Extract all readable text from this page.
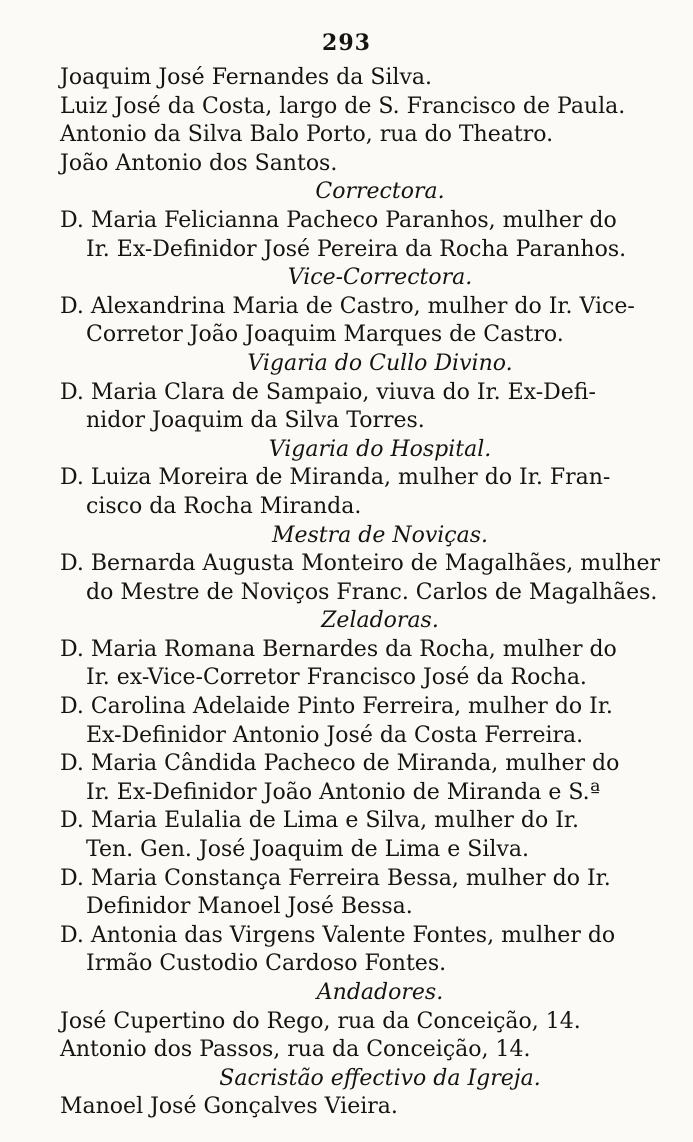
293
Joaquim José Fernandes da Silva.
Luiz José da Costa, largo de S. Francisco de Paula.
Antonio da Silva Balo Porto, rua do Theatro.
João Antonio dos Santos.
Correctora.
D. Maria Felicianna Pacheco Paranhos, mulher do
Ir. Ex-Definidor José Pereira da Rocha Paranhos.
Vice-Correctora.
D. Alexandrina Maria de Castro, mulher do Ir. Vice-
Corretor João Joaquim Marques de Castro.
Vigaria do Cullo Divino.
D. Maria Clara de Sampaio, viuva do Ir. Ex-Defi-
nidor Joaquim da Silva Torres.
Vigaria do Hospital.
D. Luiza Moreira de Miranda, mulher do Ir. Fran-
cisco da Rocha Miranda.
Mestra de Noviças.
D. Bernarda Augusta Monteiro de Magalhães, mulher
do Mestre de Noviços Franc. Carlos de Magalhães.
Zeladoras.
D. Maria Romana Bernardes da Rocha, mulher do
Ir. ex-Vice-Corretor Francisco José da Rocha.
D. Carolina Adelaide Pinto Ferreira, mulher do Ir.
Ex-Definidor Antonio José da Costa Ferreira.
D. Maria Cândida Pacheco de Miranda, mulher do
Ir. Ex-Definidor João Antonio de Miranda e S.ª
D. Maria Eulalia de Lima e Silva, mulher do Ir.
Ten. Gen. José Joaquim de Lima e Silva.
D. Maria Constança Ferreira Bessa, mulher do Ir.
Definidor Manoel José Bessa.
D. Antonia das Virgens Valente Fontes, mulher do
Irmão Custodio Cardoso Fontes.
Andadores.
José Cupertino do Rego, rua da Conceição, 14.
Antonio dos Passos, rua da Conceição, 14.
Sacristão effectivo da Igreja.
Manoel José Gonçalves Vieira.
